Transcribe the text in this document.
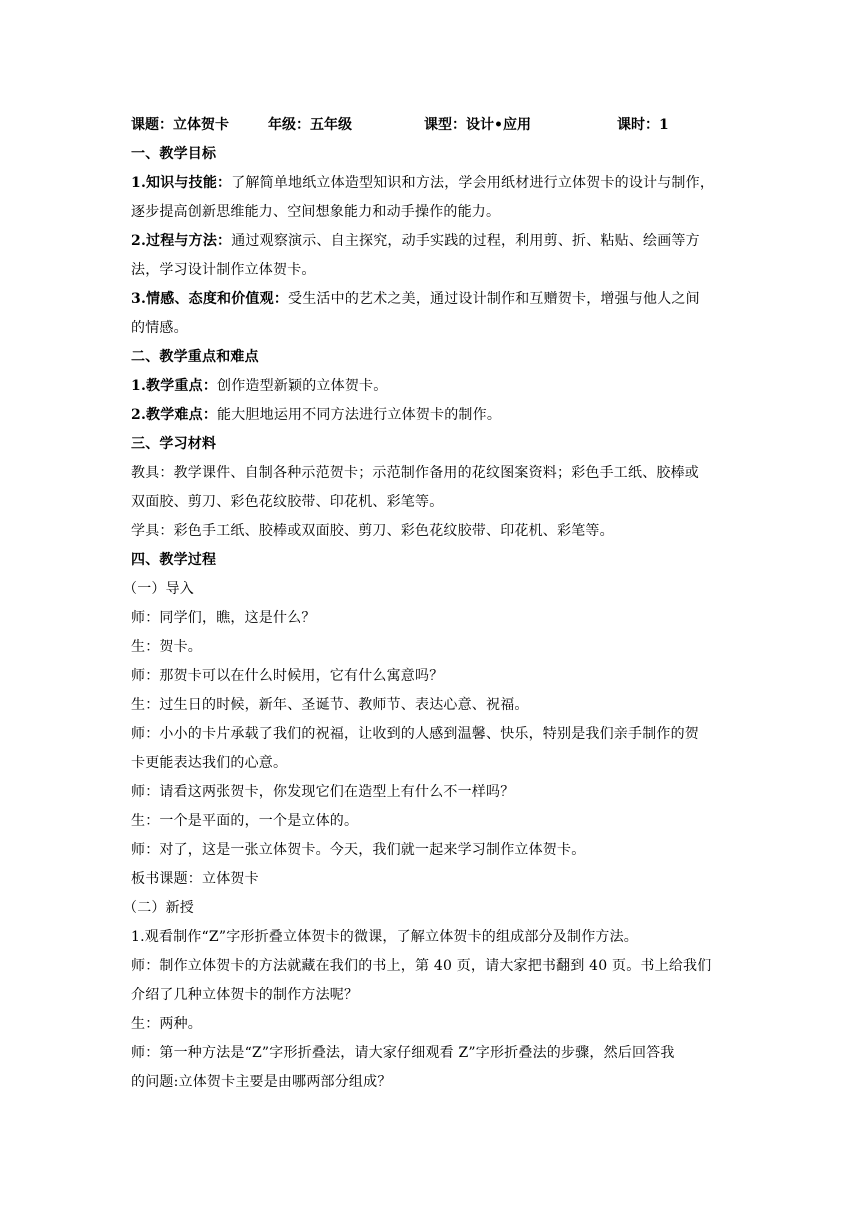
课题：立体贺卡	年级：五年级	课型：设计•应用	课时：1
一、教学目标
1.知识与技能：了解简单地纸立体造型知识和方法，学会用纸材进行立体贺卡的设计与制作，
逐步提高创新思维能力、空间想象能力和动手操作的能力。
2.过程与方法：通过观察演示、自主探究，动手实践的过程，利用剪、折、粘贴、绘画等方
法，学习设计制作立体贺卡。
3.情感、态度和价值观：受生活中的艺术之美，通过设计制作和互赠贺卡，增强与他人之间
的情感。
二、教学重点和难点
1.教学重点：创作造型新颖的立体贺卡。
2.教学难点：能大胆地运用不同方法进行立体贺卡的制作。
三、学习材料
教具：教学课件、自制各种示范贺卡；示范制作备用的花纹图案资料；彩色手工纸、胶棒或
双面胶、剪刀、彩色花纹胶带、印花机、彩笔等。
学具：彩色手工纸、胶棒或双面胶、剪刀、彩色花纹胶带、印花机、彩笔等。
四、教学过程
（一）导入
师：同学们，瞧，这是什么？
生：贺卡。
师：那贺卡可以在什么时候用，它有什么寓意吗？
生：过生日的时候，新年、圣诞节、教师节、表达心意、祝福。
师：小小的卡片承载了我们的祝福，让收到的人感到温馨、快乐，特别是我们亲手制作的贺
卡更能表达我们的心意。
师：请看这两张贺卡，你发现它们在造型上有什么不一样吗？
生：一个是平面的，一个是立体的。
师：对了，这是一张立体贺卡。今天，我们就一起来学习制作立体贺卡。
板书课题：立体贺卡
（二）新授
1.观看制作“Z”字形折叠立体贺卡的微课，了解立体贺卡的组成部分及制作方法。
师：制作立体贺卡的方法就藏在我们的书上，第 40 页，请大家把书翻到 40 页。书上给我们
介绍了几种立体贺卡的制作方法呢？
生：两种。
师：第一种方法是“Z”字形折叠法，请大家仔细观看 Z”字形折叠法的步骤，然后回答我
的问题:立体贺卡主要是由哪两部分组成？
